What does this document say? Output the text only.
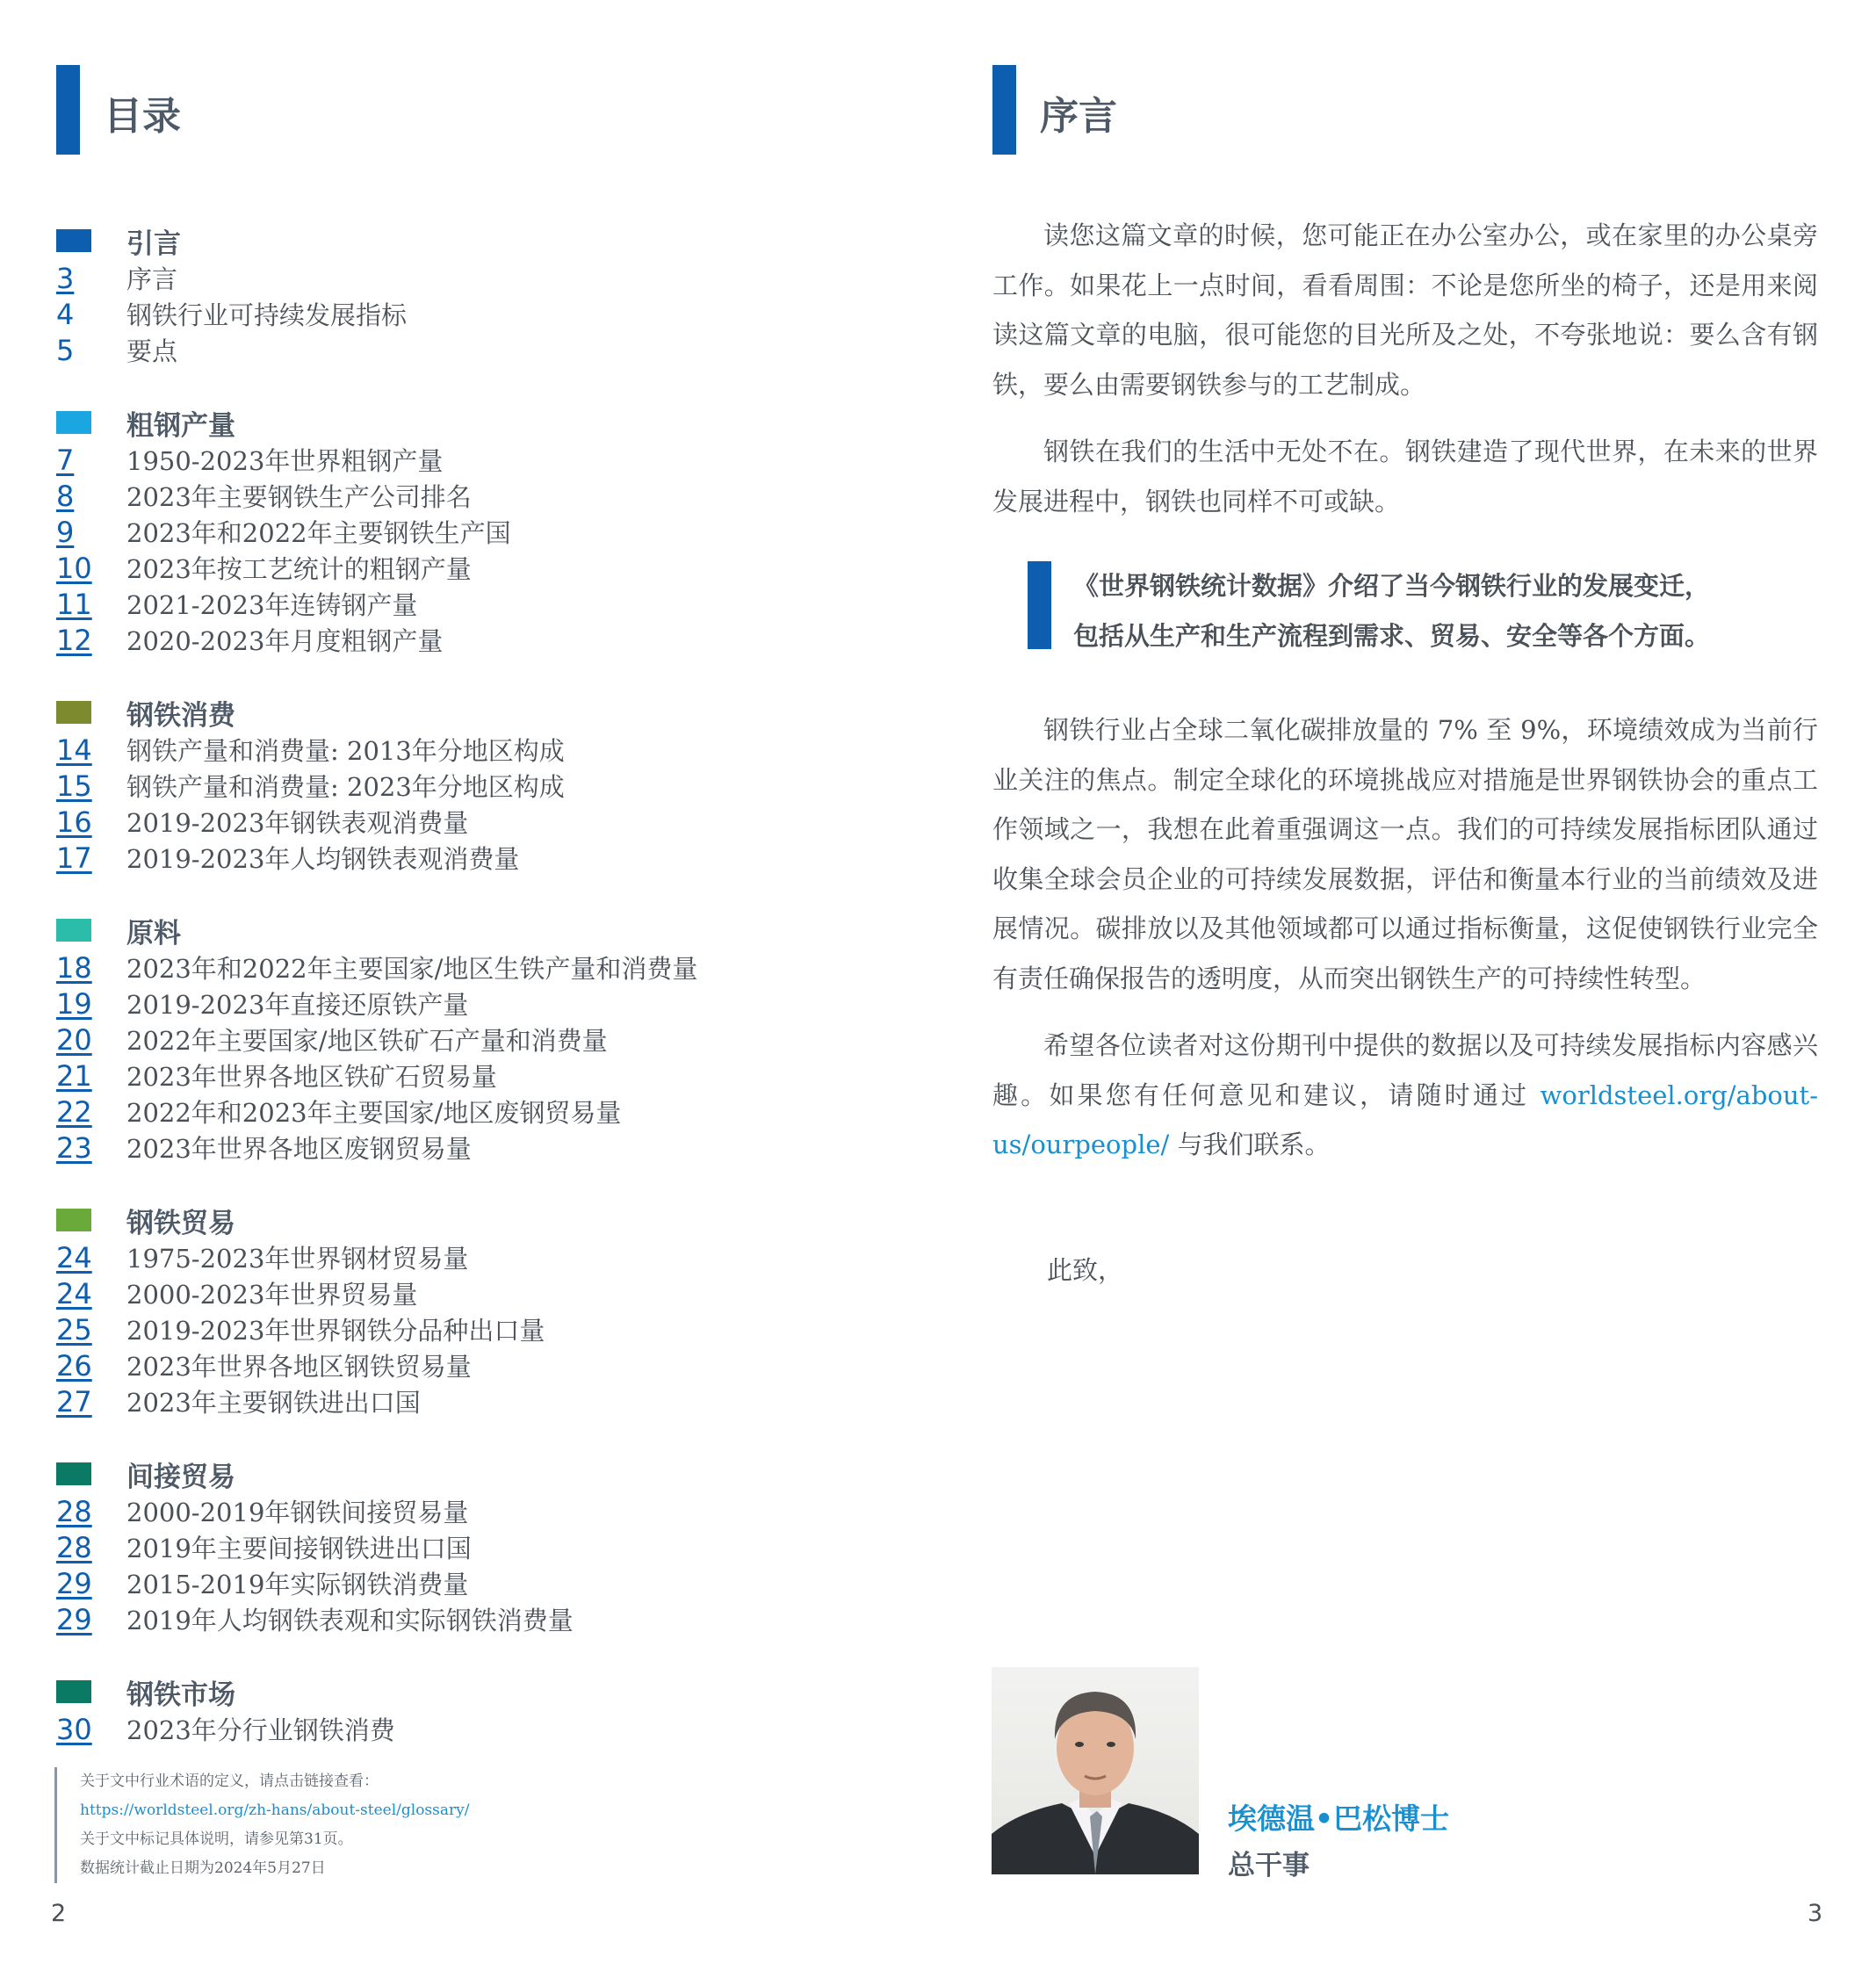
目录
引言
3	序言
4	钢铁行业可持续发展指标
5	要点
粗钢产量
7	1950-2023年世界粗钢产量
8	2023年主要钢铁生产公司排名
9	2023年和2022年主要钢铁生产国
10	2023年按工艺统计的粗钢产量
11	2021-2023年连铸钢产量
12	2020-2023年月度粗钢产量
钢铁消费
14	钢铁产量和消费量: 2013年分地区构成
15	钢铁产量和消费量: 2023年分地区构成
16	2019-2023年钢铁表观消费量
17	2019-2023年人均钢铁表观消费量
原料
18	2023年和2022年主要国家/地区生铁产量和消费量
19	2019-2023年直接还原铁产量
20	2022年主要国家/地区铁矿石产量和消费量
21	2023年世界各地区铁矿石贸易量
22	2022年和2023年主要国家/地区废钢贸易量
23	2023年世界各地区废钢贸易量
钢铁贸易
24	1975-2023年世界钢材贸易量
24	2000-2023年世界贸易量
25	2019-2023年世界钢铁分品种出口量
26	2023年世界各地区钢铁贸易量
27	2023年主要钢铁进出口国
间接贸易
28	2000-2019年钢铁间接贸易量
28	2019年主要间接钢铁进出口国
29	2015-2019年实际钢铁消费量
29	2019年人均钢铁表观和实际钢铁消费量
钢铁市场
30	2023年分行业钢铁消费
关于文中行业术语的定义，请点击链接查看：
https://worldsteel.org/zh-hans/about-steel/glossary/
关于文中标记具体说明，请参见第31页。
数据统计截止日期为2024年5月27日
2
序言

读您这篇文章的时候，您可能正在办公室办公，或在家里的办公桌旁工作。如果花上一点时间，看看周围：不论是您所坐的椅子，还是用来阅读这篇文章的电脑，很可能您的目光所及之处，不夸张地说：要么含有钢铁，要么由需要钢铁参与的工艺制成。

钢铁在我们的生活中无处不在。钢铁建造了现代世界，在未来的世界发展进程中，钢铁也同样不可或缺。

《世界钢铁统计数据》介绍了当今钢铁行业的发展变迁，
包括从生产和生产流程到需求、贸易、安全等各个方面。

钢铁行业占全球二氧化碳排放量的 7% 至 9%，环境绩效成为当前行业关注的焦点。制定全球化的环境挑战应对措施是世界钢铁协会的重点工作领域之一，我想在此着重强调这一点。我们的可持续发展指标团队通过收集全球会员企业的可持续发展数据，评估和衡量本行业的当前绩效及进展情况。碳排放以及其他领域都可以通过指标衡量，这促使钢铁行业完全有责任确保报告的透明度，从而突出钢铁生产的可持续性转型。

希望各位读者对这份期刊中提供的数据以及可持续发展指标内容感兴趣。如果您有任何意见和建议，请随时通过 worldsteel.org/about-us/ourpeople/ 与我们联系。

此致，
埃德温•巴松博士
总干事
3
